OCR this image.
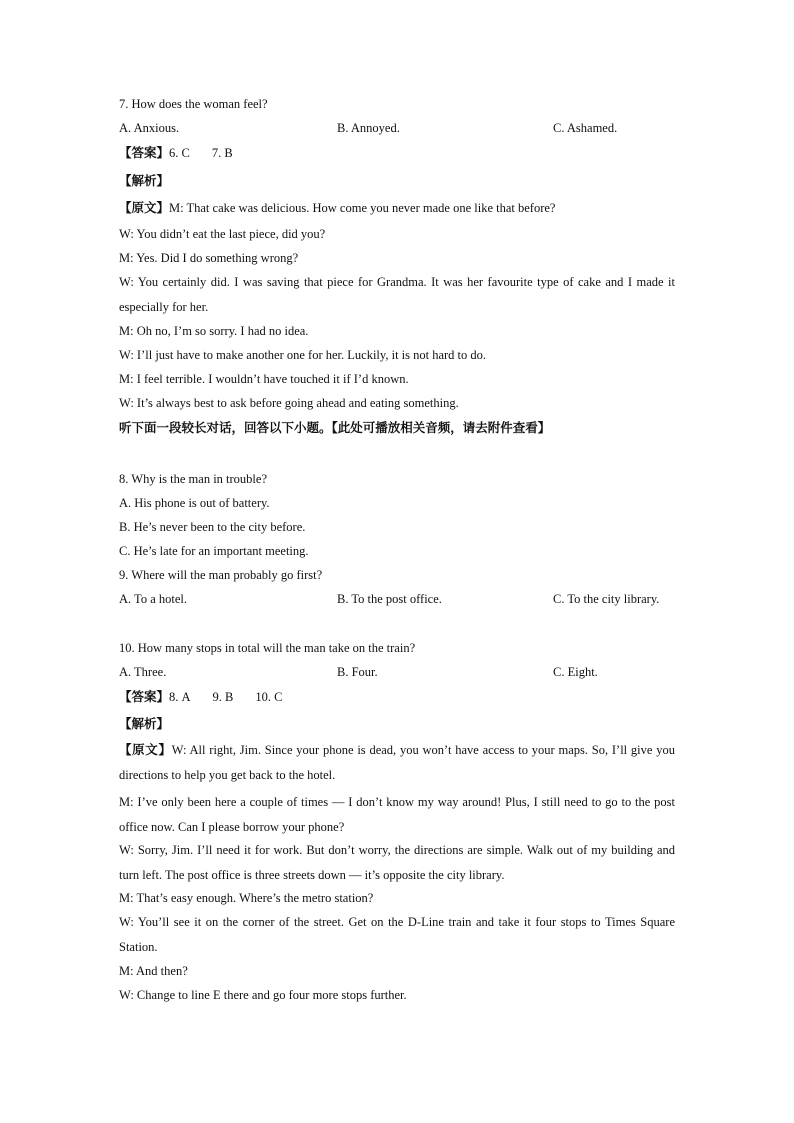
7. How does the woman feel?
A. Anxious.	B. Annoyed.	C. Ashamed.
【答案】6. C 7. B
【解析】
【原文】M: That cake was delicious. How come you never made one like that before?
W: You didn’t eat the last piece, did you?
M: Yes. Did I do something wrong?
W: You certainly did. I was saving that piece for Grandma. It was her favourite type of cake and I made it especially for her.
M: Oh no, I’m so sorry. I had no idea.
W: I’ll just have to make another one for her. Luckily, it is not hard to do.
M: I feel terrible. I wouldn’t have touched it if I’d known.
W: It’s always best to ask before going ahead and eating something.
听下面一段较长对话，回答以下小题。【此处可播放相关音频，请去附件查看】
8. Why is the man in trouble?
A. His phone is out of battery.
B. He’s never been to the city before.
C. He’s late for an important meeting.
9. Where will the man probably go first?
A. To a hotel.	B. To the post office.	C. To the city library.
10. How many stops in total will the man take on the train?
A. Three.	B. Four.	C. Eight.
【答案】8. A 9. B 10. C
【解析】
【原文】W: All right, Jim. Since your phone is dead, you won’t have access to your maps. So, I’ll give you directions to help you get back to the hotel.
M: I’ve only been here a couple of times — I don’t know my way around! Plus, I still need to go to the post office now. Can I please borrow your phone?
W: Sorry, Jim. I’ll need it for work. But don’t worry, the directions are simple. Walk out of my building and turn left. The post office is three streets down — it’s opposite the city library.
M: That’s easy enough. Where’s the metro station?
W: You’ll see it on the corner of the street. Get on the D-Line train and take it four stops to Times Square Station.
M: And then?
W: Change to line E there and go four more stops further.
